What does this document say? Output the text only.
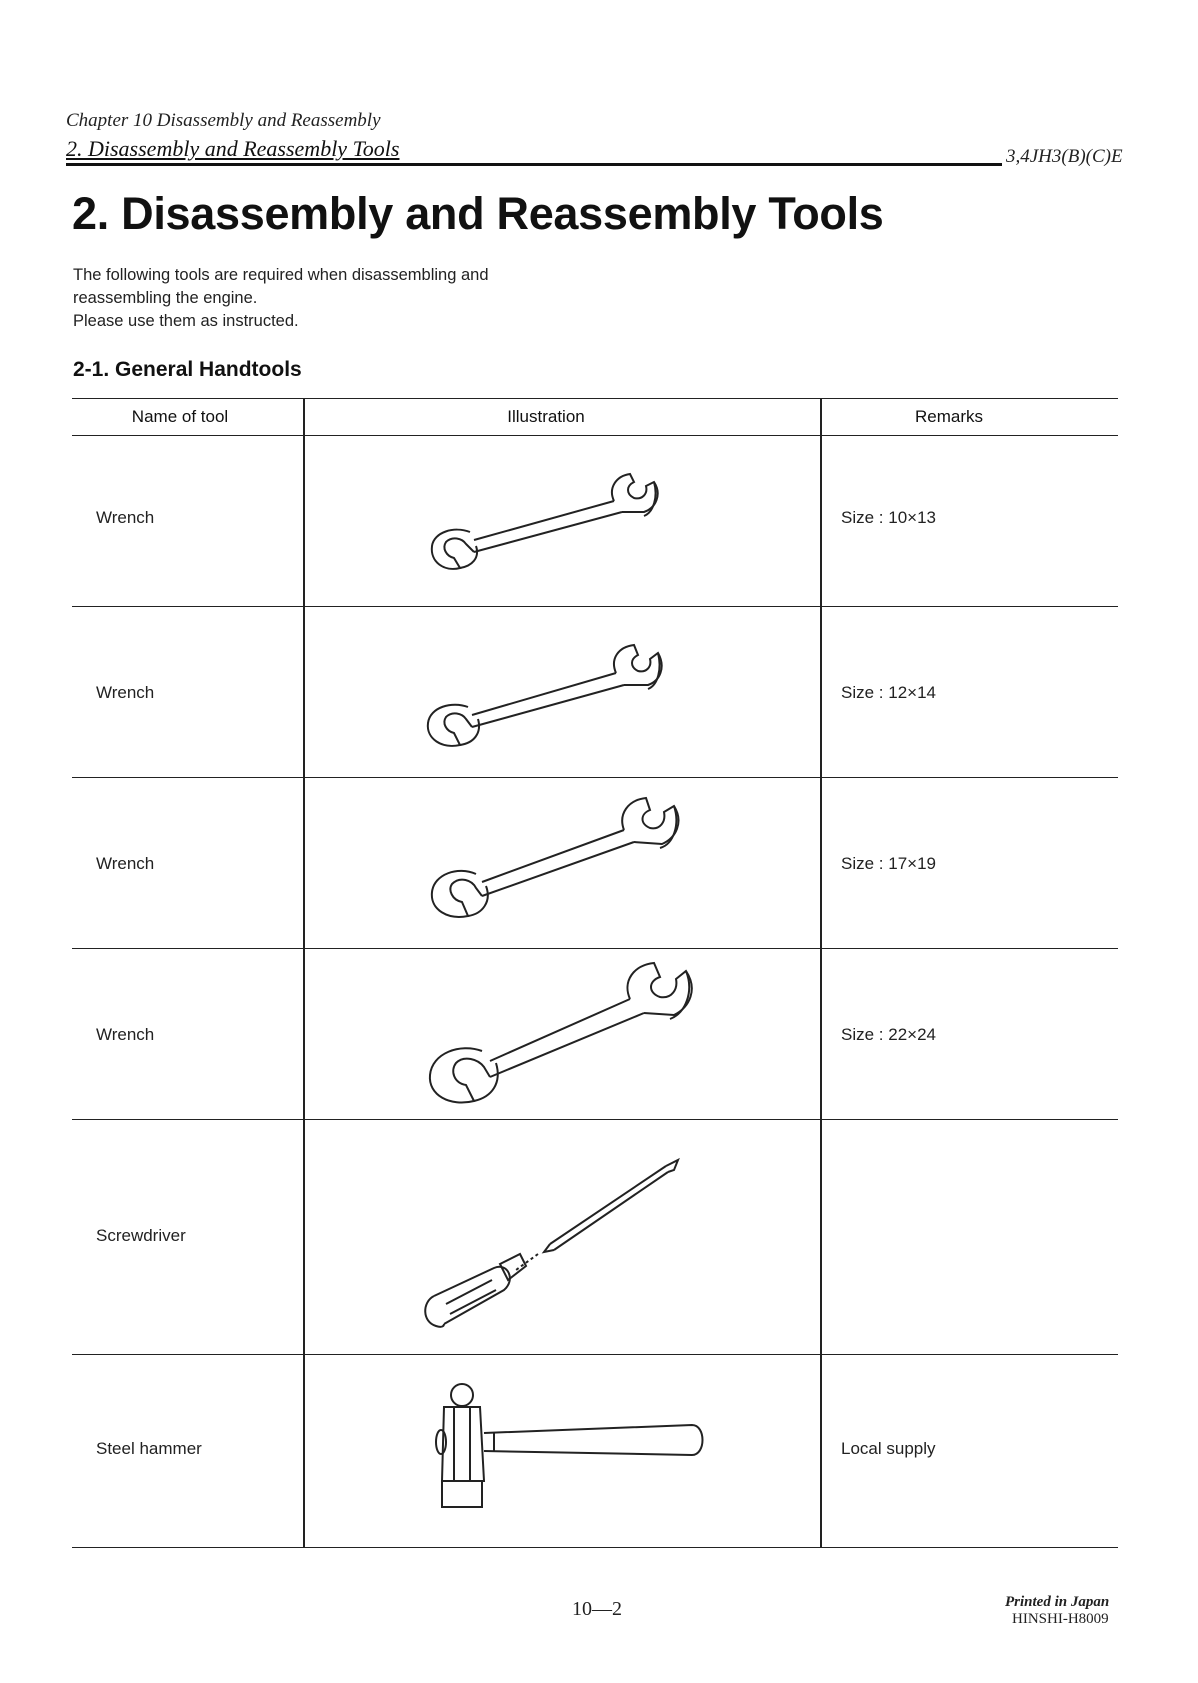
Chapter 10 Disassembly and Reassembly
2. Disassembly and Reassembly Tools	3,4JH3(B)(C)E
2. Disassembly and Reassembly Tools
The following tools are required when disassembling and
reassembling the engine.
Please use them as instructed.
2-1. General Handtools
Name of tool	Illustration	Remarks
Wrench	Size : 10×13
Wrench	Size : 12×14
Wrench	Size : 17×19
Wrench	Size : 22×24
Screwdriver
Steel hammer	Local supply
10—2	Printed in Japan
HINSHI-H8009
